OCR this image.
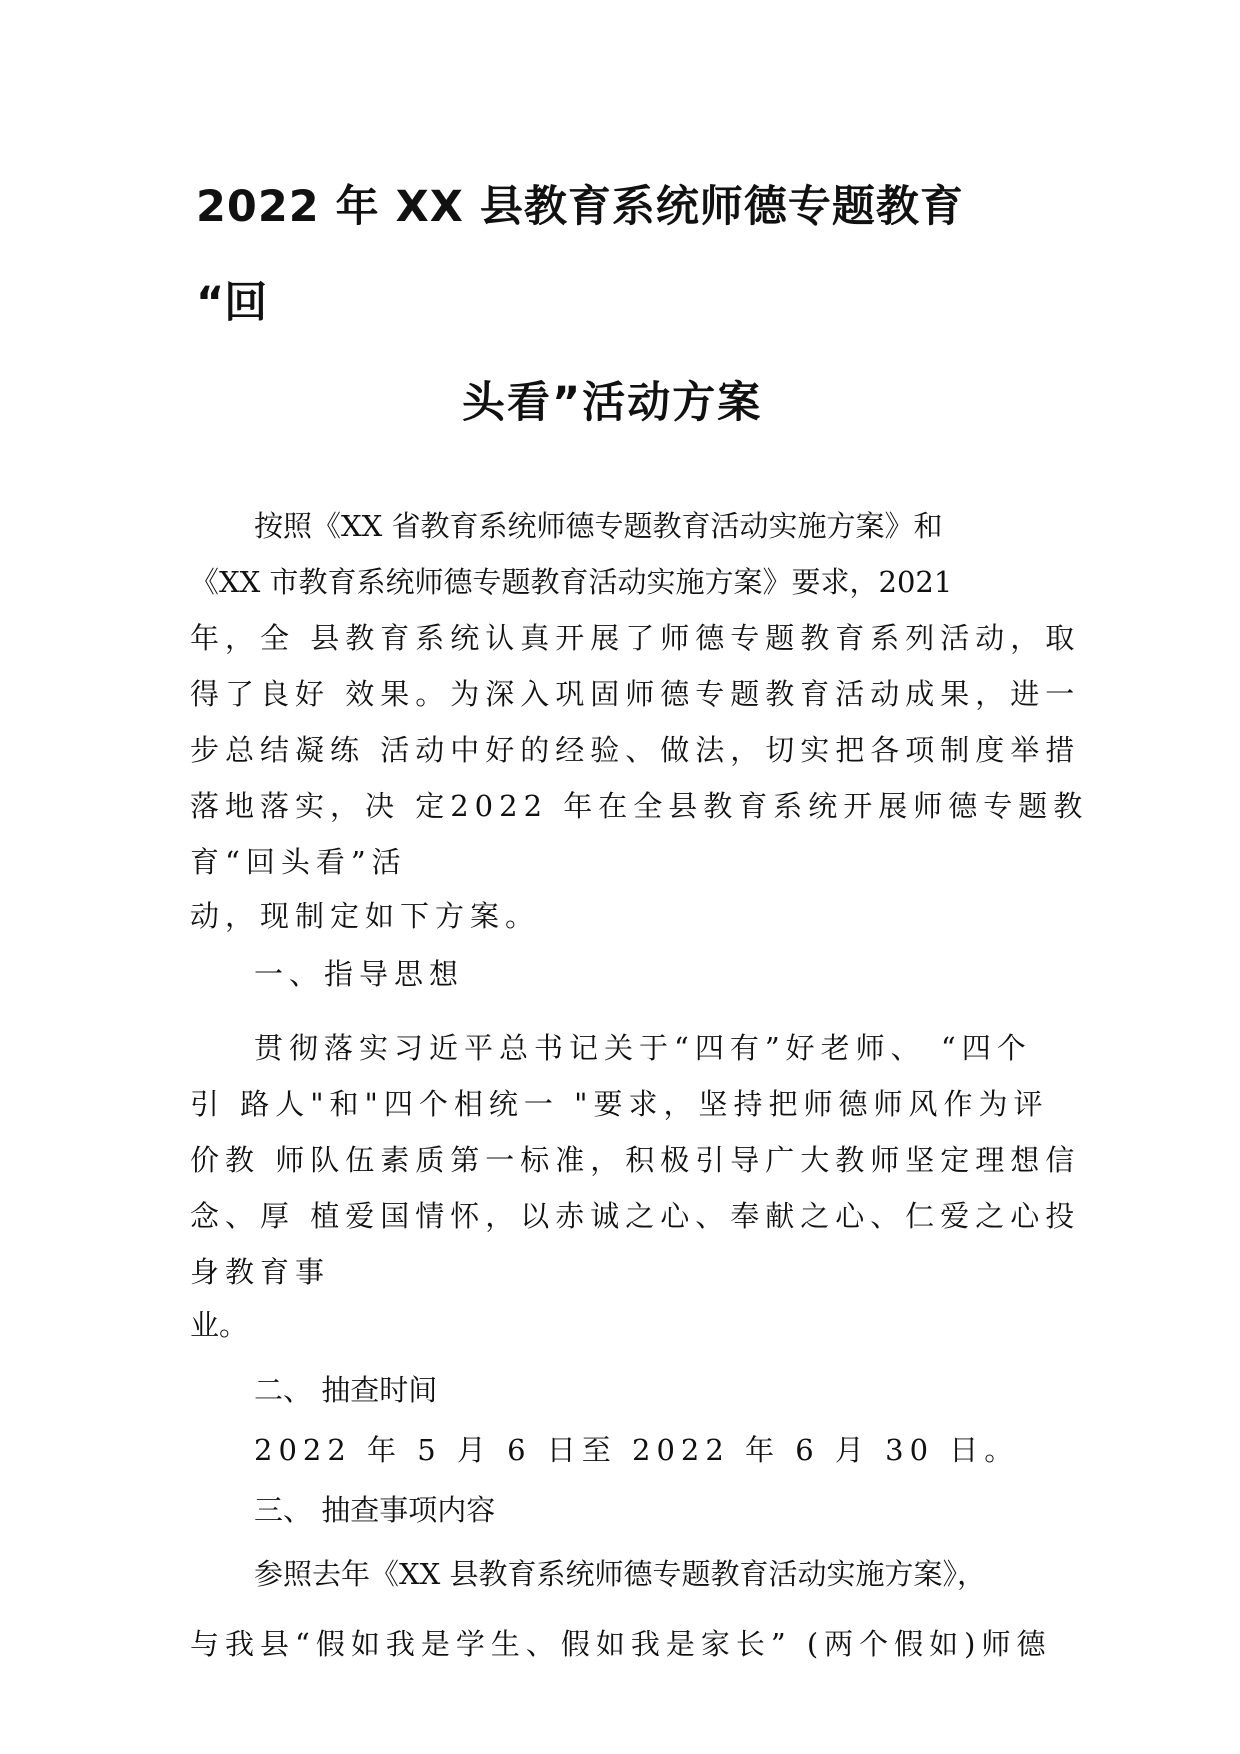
2022 年 XX 县教育系统师德专题教育
“回
头看”活动方案
按照《XX 省教育系统师德专题教育活动实施方案》和
《XX 市教育系统师德专题教育活动实施方案》要求，2021
年，全 县教育系统认真开展了师德专题教育系列活动，取
得了良好 效果。为深入巩固师德专题教育活动成果，进一
步总结凝练 活动中好的经验、做法，切实把各项制度举措
落地落实，决 定2022 年在全县教育系统开展师德专题教
育“回头看”活
动，现制定如下方案。
一、指导思想
贯彻落实习近平总书记关于“四有”好老师、 “四个
引 路人"和"四个相统一 "要求，坚持把师德师风作为评
价教 师队伍素质第一标准，积极引导广大教师坚定理想信
念、厚 植爱国情怀，以赤诚之心、奉献之心、仁爱之心投
身教育事
业。
二、 抽查时间
2022 年 5 月 6 日至 2022 年 6 月 30 日。
三、 抽查事项内容
参照去年《XX 县教育系统师德专题教育活动实施方案》，
与我县“假如我是学生、假如我是家长” (两个假如)师德
